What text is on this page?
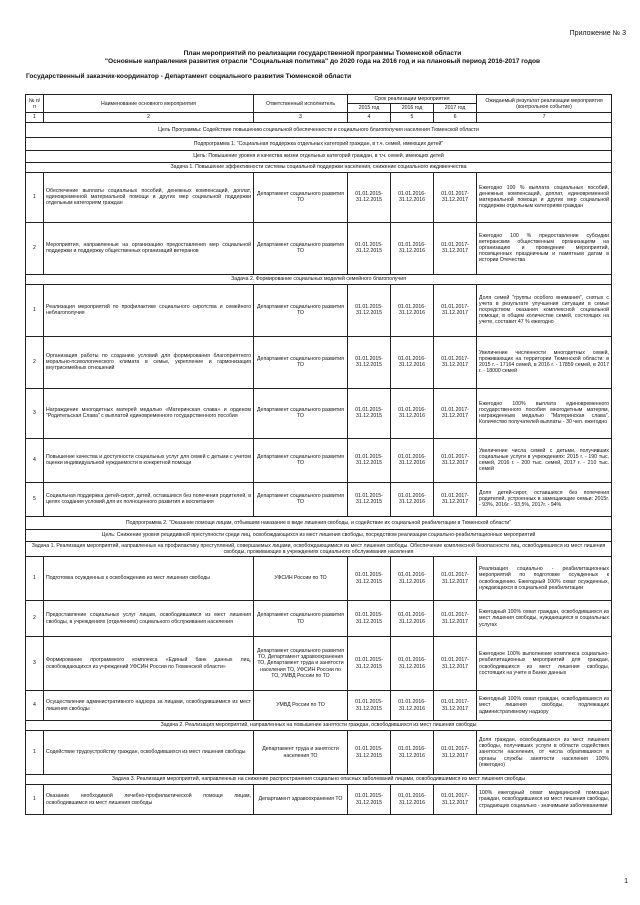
Приложение № 3
План мероприятий по реализации государственной программы Тюменской области
"Основные направления развития отрасли "Социальная политика" до 2020 года на 2016 год и на плановый период 2016-2017 годов
Государственный заказчик-координатор - Департамент социального развития Тюменской области
№ п/п	Наименование основного мероприятия	Ответственный исполнитель	Срок реализации мероприятия			Ожидаемый результат реализации мероприятия (контрольное событие)
			2015 год	2016 год	2017 год	
1	2	3	4	5	6	7
Цель Программы: Содействие повышению социальной обеспеченности и социального благополучия населения Тюменской области						
Подпрограмма 1. "Социальная поддержка отдельных категорий граждан, в т.ч. семей, имеющих детей"						
Цель: Повышение уровня и качества жизни отдельных категорий граждан, в т.ч. семей, имеющих детей						
Задача 1. Повышение эффективности системы социальной поддержки населения, снижение социального иждивенчества						
1	Обеспечение выплаты социальных пособий, денежных компенсаций, доплат, единовременной материальной помощи и других мер социальной поддержки отдельным категориям граждан	Департамент социального развития ТО	01.01.2015-31.12.2015	01.01.2016-31.12.2016	01.01.2017-31.12.2017	Ежегодно 100 % выплата социальных пособий, денежных компенсаций, доплат, единовременной материальной помощи и других мер социальной поддержки отдельным категориям граждан
2	Мероприятия, направленные на организацию предоставления мер социальной поддержки и поддержку общественных организаций ветеранов	Департамент социального развития ТО	01.01.2015-31.12.2015	01.01.2016-31.12.2016	01.01.2017-31.12.2017	Ежегодно 100 % предоставление субсидии ветеранским общественным организациям на организацию и проведение мероприятий, посвященных праздничным и памятным датам в истории Отечества
Задача 2. Формирование социальных моделей семейного благополучия						
1	Реализация мероприятий по профилактике социального сиротства и семейного неблагополучия	Департамент социального развития ТО	01.01.2015-31.12.2015	01.01.2016-31.12.2016	01.01.2017-31.12.2017	Доля семей "группы особого внимания", снятых с учета в результате улучшения ситуации в семье посредством оказания комплексной социальной помощи, в общем количестве семей, состоящих на учете, составит 47 % ежегодно
2	Организация работы по созданию условий для формирования благоприятного морально-психологического климата в семье, укрепление и гармонизация внутрисемейных отношений	Департамент социального развития ТО	01.01.2015-31.12.2015	01.01.2016-31.12.2016	01.01.2017-31.12.2017	Увеличение численности многодетных семей, проживающих на территории Тюменской области: в 2015 г. - 17164 семей, в 2016 г. - 17859 семей, в 2017 г. - 18000 семей
3	Награждение многодетных матерей медалью «Материнская слава» и орденом "Родительская Слава" с выплатой единовременного государственного пособия	Департамент социального развития ТО	01.01.2015-31.12.2015	01.01.2016-31.12.2016	01.01.2017-31.12.2017	Ежегодно 100% выплата единовременного государственного пособия многодетным матерям, награжденным медалью "Материнская слава". Количество получателей выплаты - 30 чел. ежегодно
4	Повышение качества и доступности социальных услуг для семей с детьми с учетом оценки индивидуальной нуждаемости в конкретной помощи	Департамент социального развития ТО	01.01.2015-31.12.2015	01.01.2016-31.12.2016	01.01.2017-31.12.2017	Увеличение числа семей с детьми, получивших социальные услуги в учреждениях: 2015 г. - 190 тыс. семей, 2016 г. - 200 тыс. семей, 2017 г. - 210 тыс. семей
5	Социальная поддержка детей-сирот, детей, оставшихся без попечения родителей, в целях создания условий для их полноценного развития и воспитания	Департамент социального развития ТО	01.01.2015-31.12.2015	01.01.2016-31.12.2016	01.01.2017-31.12.2017	Доля детей-сирот, оставшихся без попечения родителей, устроенных в замещающие семьи: 2015г. - 93%, 2016г. - 93,5%, 2017г. - 94%
Подпрограмма 2. "Оказание помощи лицам, отбывшим наказание в виде лишения свободы, и содействие их социальной реабилитации в Тюменской области"						
Цель: Снижение уровня рецидивной преступности среди лиц, освобождающихся из мест лишения свободы, посредством реализации социально-реабилитационных мероприятий						
Задача 1. Реализация мероприятий, направленных на профилактику преступлений, совершаемых лицами, освобождающимися из мест лишения свободы. Обеспечение комплексной безопасности лиц, освободившихся из мест лишения свободы, проживающих в учреждениях социального обслуживания населения						
1	Подготовка осужденных к освобождению из мест лишения свободы	УФСИН России по ТО	01.01.2015-31.12.2015	01.01.2016-31.12.2016	01.01.2017-31.12.2017	Реализация социально - реабилитационных мероприятий по подготовке осужденных к освобождению. Ежегодный 100% охват осужденных, нуждающихся в социальной реабилитации
2	Предоставление социальных услуг лицам, освободившимся из мест лишения свободы, в учреждениях (отделениях) социального обслуживания населения	Департамент социального развития ТО	01.01.2015-31.12.2015	01.01.2016-31.12.2016	01.01.2017-31.12.2017	Ежегодный 100% охват граждан, освободившихся из мест лишения свободы, нуждающихся в социальных услугах
3	Формирование программного комплекса «Единый банк данных лиц, освобождающихся из учреждений УФСИН России по Тюменской области»	Департамент социального развития ТО, Департамент здравоохранения ТО, Департамент труда и занятости населения ТО, УФСИН России по ТО, УМВД России по ТО	01.01.2015-31.12.2015	01.01.2016-31.12.2016	01.01.2017-31.12.2017	Ежегодное 100% выполнение комплекса социально-реабилитационных мероприятий для граждан, освободившихся из мест лишения свободы, состоящих на учете в Банке данных
4	Осуществление административного надзора за лицами, освободившимися из мест лишения свободы	УМВД России по ТО	01.01.2015-31.12.2015	01.01.2016-31.12.2016	01.01.2017-31.12.2017	Ежегодный 100% охват граждан, освободившихся из мест лишения свободы, подлежащих административному надзору
Задача 2. Реализация мероприятий, направленных на повышение занятости граждан, освободившихся из мест лишения свободы						
1	Содействие трудоустройству граждан, освободившихся из мест лишения свободы	Департамент труда и занятости населения ТО	01.01.2015-31.12.2015	01.01.2016-31.12.2016	01.01.2017-31.12.2017	Доля граждан, освободившихся из мест лишения свободы, получивших услуги в области содействия занятости населения, от числа обратившихся в органы службы занятости населения 100% (ежегодно)
Задача 3. Реализация мероприятий, направленных на снижение распространения социально опасных заболеваний лицами, освободившимися из мест лишения свободы						
1	Оказание необходимой лечебно-профилактической помощи лицам, освободившимся из мест лишения свободы	Департамент здравоохранения ТО	01.01.2015-31.12.2015	01.01.2016-31.12.2016	01.01.2017-31.12.2017	100% ежегодный охват медицинской помощью граждан, освободившихся из мест лишения свободы, страдающих социально - значимыми заболеваниями
1
